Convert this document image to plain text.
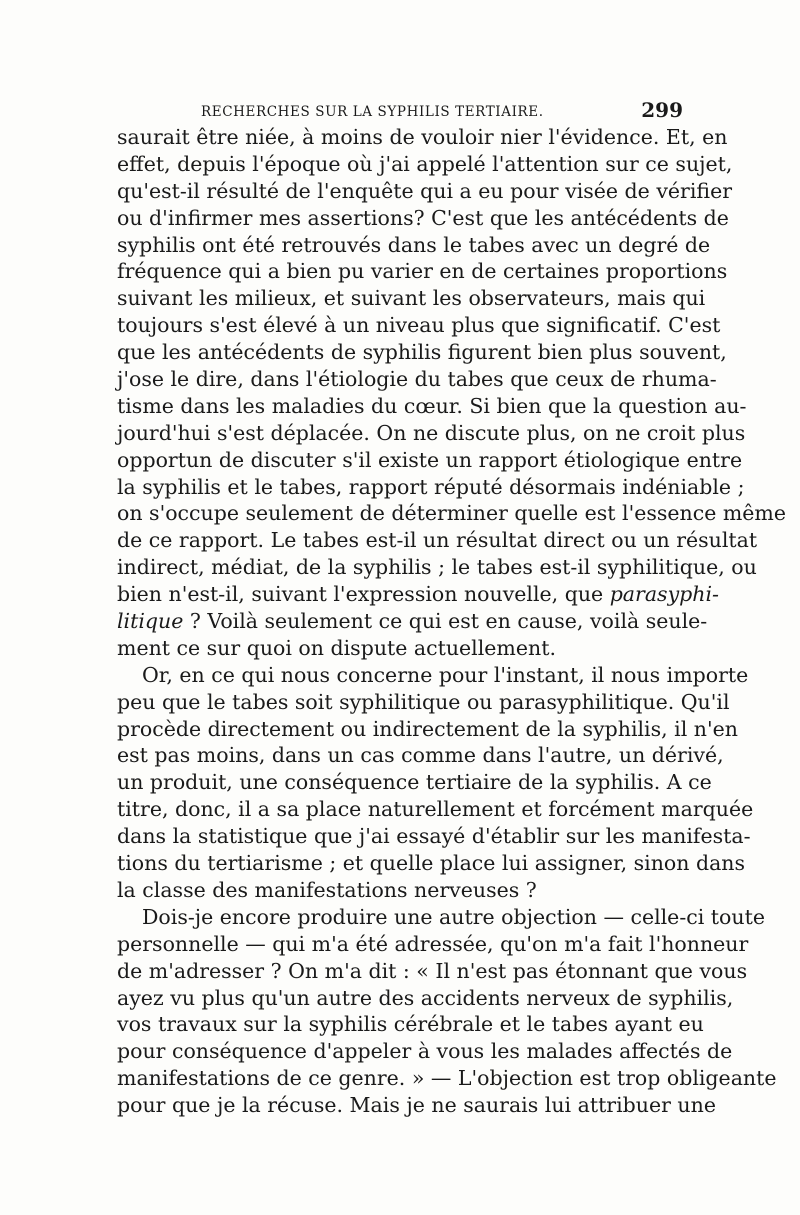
RECHERCHES SUR LA SYPHILIS TERTIAIRE.	299
saurait être niée, à moins de vouloir nier l'évidence. Et, en
effet, depuis l'époque où j'ai appelé l'attention sur ce sujet,
qu'est-il résulté de l'enquête qui a eu pour visée de vérifier
ou d'infirmer mes assertions? C'est que les antécédents de
syphilis ont été retrouvés dans le tabes avec un degré de
fréquence qui a bien pu varier en de certaines proportions
suivant les milieux, et suivant les observateurs, mais qui
toujours s'est élevé à un niveau plus que significatif. C'est
que les antécédents de syphilis figurent bien plus souvent,
j'ose le dire, dans l'étiologie du tabes que ceux de rhuma-
tisme dans les maladies du cœur. Si bien que la question au-
jourd'hui s'est déplacée. On ne discute plus, on ne croit plus
opportun de discuter s'il existe un rapport étiologique entre
la syphilis et le tabes, rapport réputé désormais indéniable ;
on s'occupe seulement de déterminer quelle est l'essence même
de ce rapport. Le tabes est-il un résultat direct ou un résultat
indirect, médiat, de la syphilis ; le tabes est-il syphilitique, ou
bien n'est-il, suivant l'expression nouvelle, que parasyphi-
litique ? Voilà seulement ce qui est en cause, voilà seule-
ment ce sur quoi on dispute actuellement.
Or, en ce qui nous concerne pour l'instant, il nous importe
peu que le tabes soit syphilitique ou parasyphilitique. Qu'il
procède directement ou indirectement de la syphilis, il n'en
est pas moins, dans un cas comme dans l'autre, un dérivé,
un produit, une conséquence tertiaire de la syphilis. A ce
titre, donc, il a sa place naturellement et forcément marquée
dans la statistique que j'ai essayé d'établir sur les manifesta-
tions du tertiarisme ; et quelle place lui assigner, sinon dans
la classe des manifestations nerveuses ?
Dois-je encore produire une autre objection — celle-ci toute
personnelle — qui m'a été adressée, qu'on m'a fait l'honneur
de m'adresser ? On m'a dit : « Il n'est pas étonnant que vous
ayez vu plus qu'un autre des accidents nerveux de syphilis,
vos travaux sur la syphilis cérébrale et le tabes ayant eu
pour conséquence d'appeler à vous les malades affectés de
manifestations de ce genre. » — L'objection est trop obligeante
pour que je la récuse. Mais je ne saurais lui attribuer une
